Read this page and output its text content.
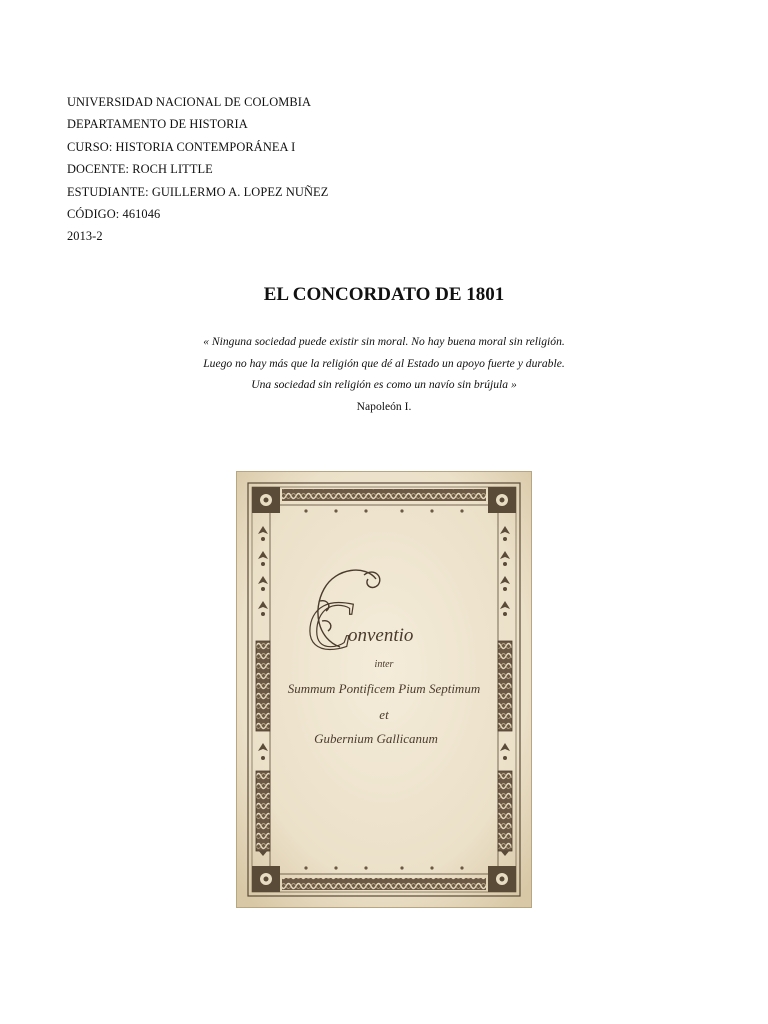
UNIVERSIDAD NACIONAL DE COLOMBIA
DEPARTAMENTO DE HISTORIA
CURSO: HISTORIA CONTEMPORÁNEA I
DOCENTE: ROCH LITTLE
ESTUDIANTE: GUILLERMO A. LOPEZ NUÑEZ
CÓDIGO: 461046
2013-2
EL CONCORDATO DE 1801
« Ninguna sociedad puede existir sin moral. No hay buena moral sin religión.
Luego no hay más que la religión que dé al Estado un apoyo fuerte y durable.
Una sociedad sin religión es como un navío sin brújula »
Napoleón I.
C
onventio
inter
Summum Pontificem Pium Septimum
et
Gubernium Gallicanum
